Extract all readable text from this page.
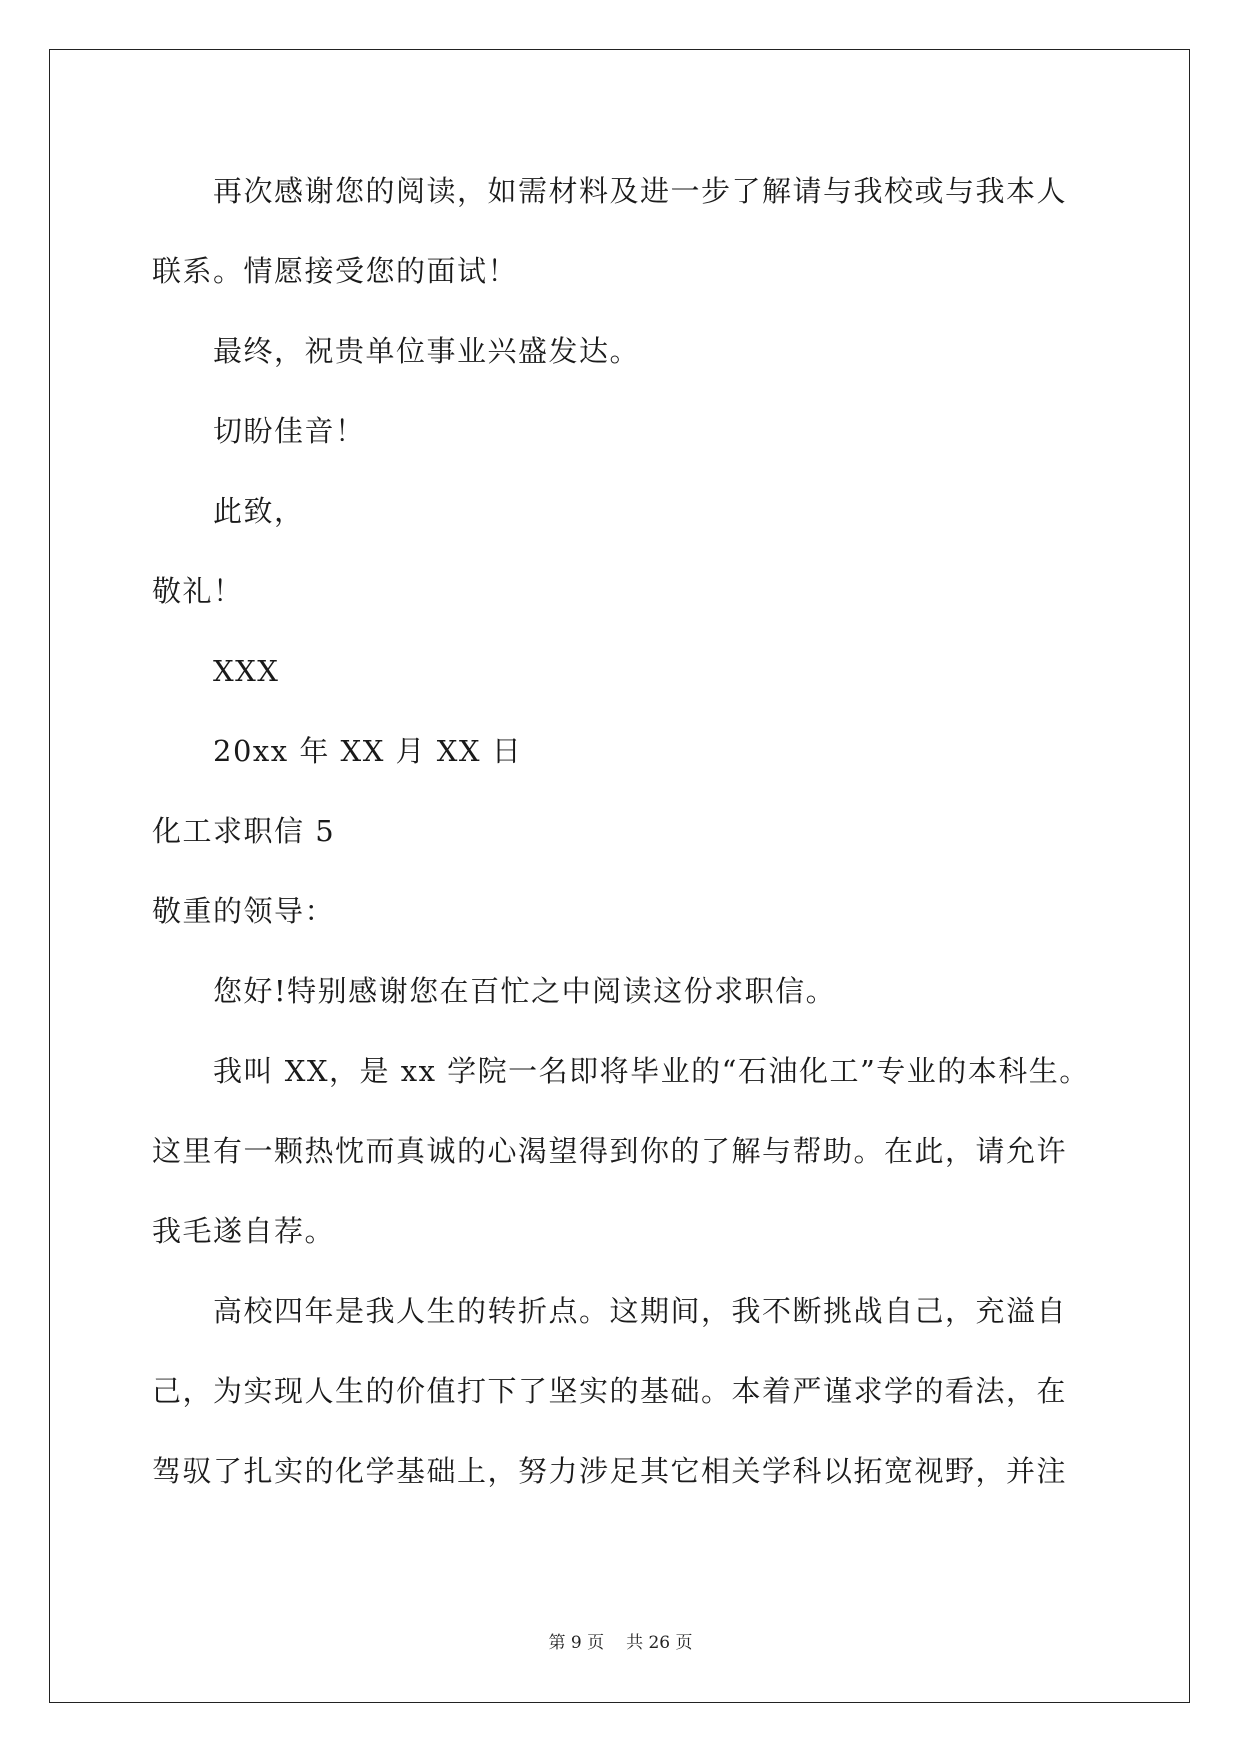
再次感谢您的阅读，如需材料及进一步了解请与我校或与我本人
联系。情愿接受您的面试！
最终，祝贵单位事业兴盛发达。
切盼佳音！
此致，
敬礼！
XXX
20xx 年 XX 月 XX 日
化工求职信 5
敬重的领导：
您好!特别感谢您在百忙之中阅读这份求职信。
我叫 XX，是 xx 学院一名即将毕业的“石油化工”专业的本科生。
这里有一颗热忱而真诚的心渴望得到你的了解与帮助。在此，请允许
我毛遂自荐。
高校四年是我人生的转折点。这期间，我不断挑战自己，充溢自
己，为实现人生的价值打下了坚实的基础。本着严谨求学的看法，在
驾驭了扎实的化学基础上，努力涉足其它相关学科以拓宽视野，并注
第 9 页 共 26 页
